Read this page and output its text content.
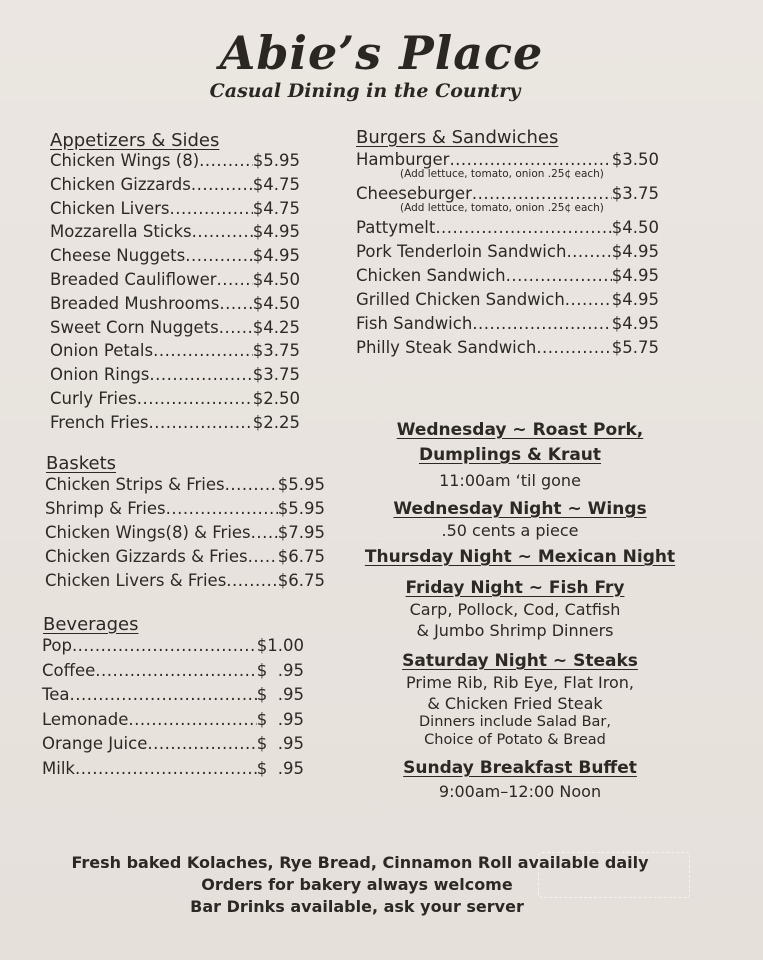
Abie’s Place
Casual Dining in the Country
Appetizers & Sides
Chicken Wings (8) .....	$5.95
Chicken Gizzards .....	$4.75
Chicken Livers .....	$4.75
Mozzarella Sticks .....	$4.95
Cheese Nuggets .....	$4.95
Breaded Cauliflower ..... $4.50
Breaded Mushrooms ..... $4.50
Sweet Corn Nuggets ..... $4.25
Onion Petals .....	$3.75
Onion Rings .....	$3.75
Curly Fries .....	$2.50
French Fries .....	$2.25
Baskets
Chicken Strips & Fries .....	$5.95
Shrimp & Fries .....	$5.95
Chicken Wings(8) & Fries ..... $7.95
Chicken Gizzards & Fries ..... $6.75
Chicken Livers & Fries .....	$6.75
Beverages
Pop .....	$1.00
Coffee .....	$  .95
Tea .....	$  .95
Lemonade .....	$  .95
Orange Juice .....	$  .95
Milk .....	$  .95
Burgers & Sandwiches
Hamburger .....	$3.50
(Add lettuce, tomato, onion .25¢ each)
Cheeseburger .....	$3.75
(Add lettuce, tomato, onion .25¢ each)
Pattymelt .....	$4.50
Pork Tenderloin Sandwich .....	$4.95
Chicken Sandwich .....	$4.95
Grilled Chicken Sandwich .....	$4.95
Fish Sandwich .....	$4.95
Philly Steak Sandwich .....	$5.75
Wednesday ~ Roast Pork,
Dumplings & Kraut
11:00am ‘til gone
Wednesday Night ~ Wings
.50 cents a piece
Thursday Night ~ Mexican Night
Friday Night ~ Fish Fry
Carp, Pollock, Cod, Catfish
& Jumbo Shrimp Dinners
Saturday Night ~ Steaks
Prime Rib, Rib Eye, Flat Iron,
& Chicken Fried Steak
Dinners include Salad Bar,
Choice of Potato & Bread
Sunday Breakfast Buffet
9:00am–12:00 Noon
Fresh baked Kolaches, Rye Bread, Cinnamon Roll available daily
Orders for bakery always welcome
Bar Drinks available, ask your server
